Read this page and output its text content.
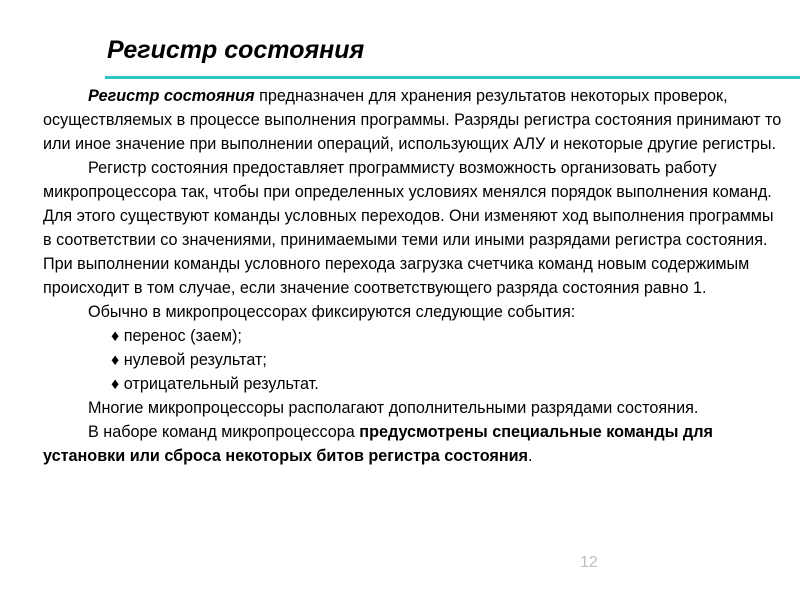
Регистр состояния

Регистр состояния предназначен для хранения результатов некоторых проверок, осуществляемых в процессе выполнения программы. Разряды регистра состояния принимают то или иное значение при выполнении операций, использующих АЛУ и некоторые другие регистры.

Регистр состояния предоставляет программисту возможность организовать работу микропроцессора так, чтобы при определенных условиях менялся порядок выполнения команд. Для этого существуют команды условных переходов. Они изменяют ход выполнения программы в соответствии со значениями, принимаемыми теми или иными разрядами регистра состояния. При выполнении команды условного перехода загрузка счетчика команд новым содержимым происходит в том случае, если значение соответствующего разряда состояния равно 1.

Обычно в микропроцессорах фиксируются следующие события:

♦ перенос (заем);
♦ нулевой результат;
♦ отрицательный результат.

Многие микропроцессоры располагают дополнительными разрядами состояния.

В наборе команд микропроцессора предусмотрены специальные команды для установки или сброса некоторых битов регистра состояния.

12
